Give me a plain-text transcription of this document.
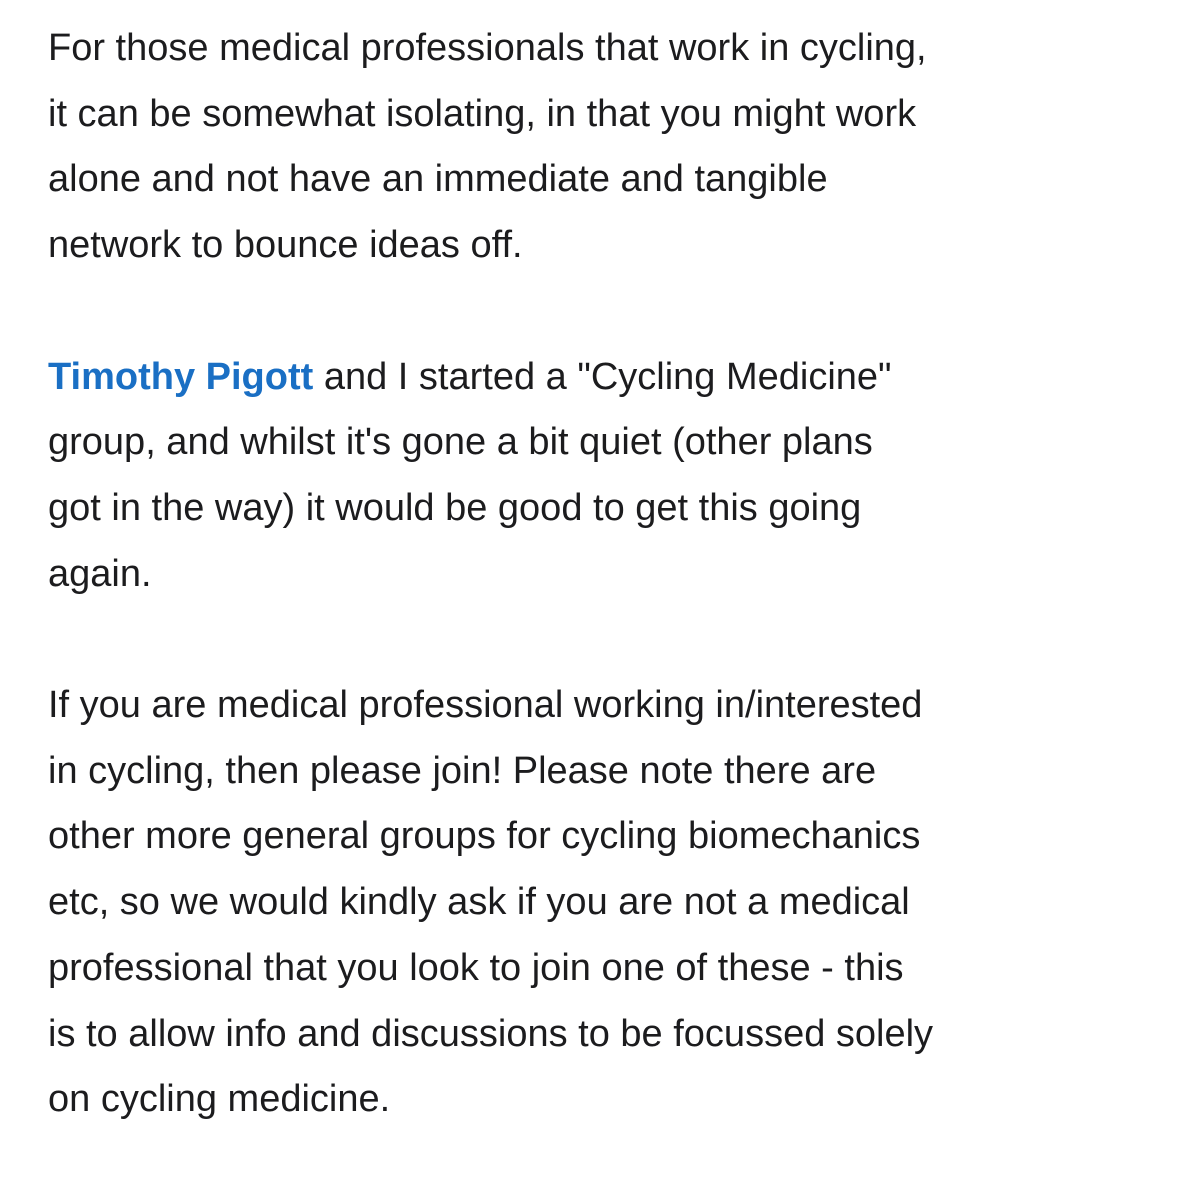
For those medical professionals that work in cycling,
it can be somewhat isolating, in that you might work
alone and not have an immediate and tangible
network to bounce ideas off.

Timothy Pigott and I started a "Cycling Medicine"
group, and whilst it's gone a bit quiet (other plans
got in the way) it would be good to get this going
again.

If you are medical professional working in/interested
in cycling, then please join! Please note there are
other more general groups for cycling biomechanics
etc, so we would kindly ask if you are not a medical
professional that you look to join one of these - this
is to allow info and discussions to be focussed solely
on cycling medicine.
